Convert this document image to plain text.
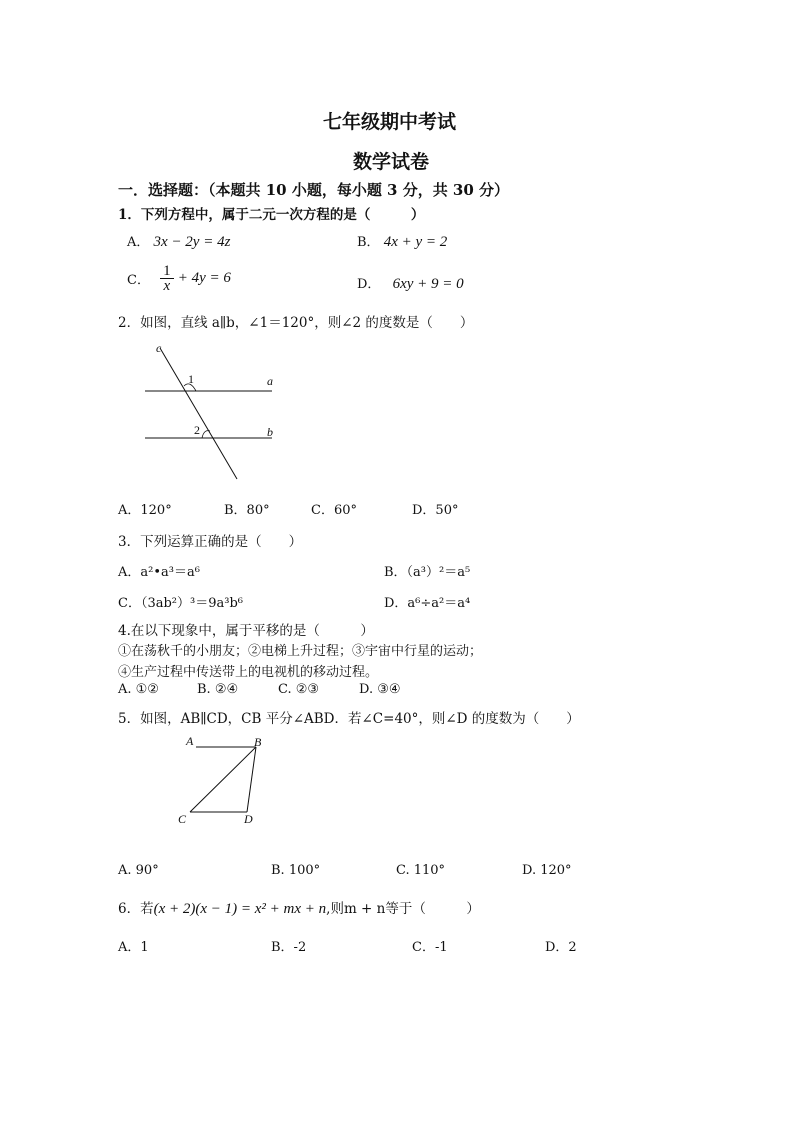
七年级期中考试
数学试卷
一．选择题：（本题共 10 小题，每小题 3 分，共 30 分）
1．下列方程中，属于二元一次方程的是（　　　）
A． 3x − 2y = 4z	B． 4x + y = 2
C． $\frac{1}{x} + 4y = 6$	D． 6xy + 9 = 0
2．如图，直线 a∥b，∠1＝120°，则∠2 的度数是（　　）
c
a
b
1
2
A．120°	B．80°	C．60°	D．50°
3．下列运算正确的是（　　）
A．a²•a³＝a⁶	B．（a³）²＝a⁵
C．（3ab²）³＝9a³b⁶	D．a⁶÷a²＝a⁴
4.在以下现象中，属于平移的是（　　　）
①在荡秋千的小朋友；②电梯上升过程；③宇宙中行星的运动；
④生产过程中传送带上的电视机的移动过程。
A. ①②	B. ②④	C. ②③	D. ③④
5．如图，AB∥CD，CB 平分∠ABD．若∠C=40°，则∠D 的度数为（　　）
A	B
C	D
A. 90°	B. 100°	C. 110°	D. 120°
6．若(x + 2)(x − 1) = x² + mx + n,则m + n等于（　　　）
A．1	B．-2	C．-1	D．2
